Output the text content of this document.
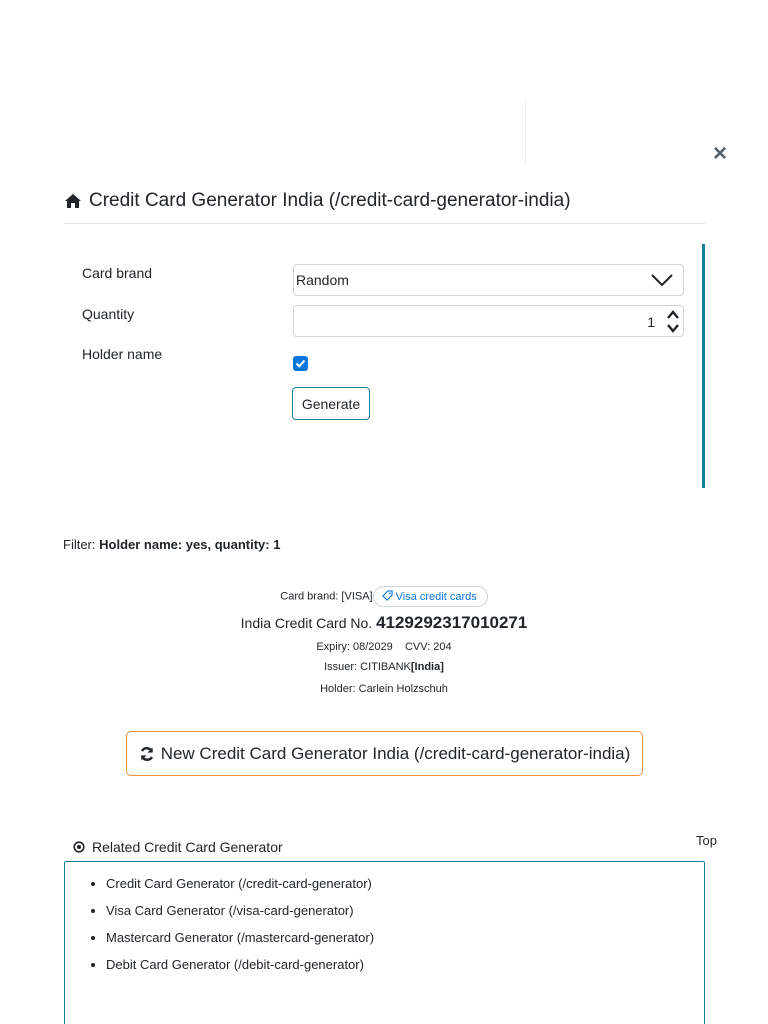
×
Credit Card Generator India (/credit-card-generator-india)
Card brand	Random
Quantity	1
Holder name
Generate
Filter: Holder name: yes, quantity: 1
Card brand: [VISA] Visa credit cards
India Credit Card No. 4129292317010271
Expiry: 08/2029 CVV: 204
Issuer: CITIBANK[India]
Holder: Carlein Holzschuh
New Credit Card Generator India (/credit-card-generator-india)
Top
Related Credit Card Generator
• Credit Card Generator (/credit-card-generator)
• Visa Card Generator (/visa-card-generator)
• Mastercard Generator (/mastercard-generator)
• Debit Card Generator (/debit-card-generator)
